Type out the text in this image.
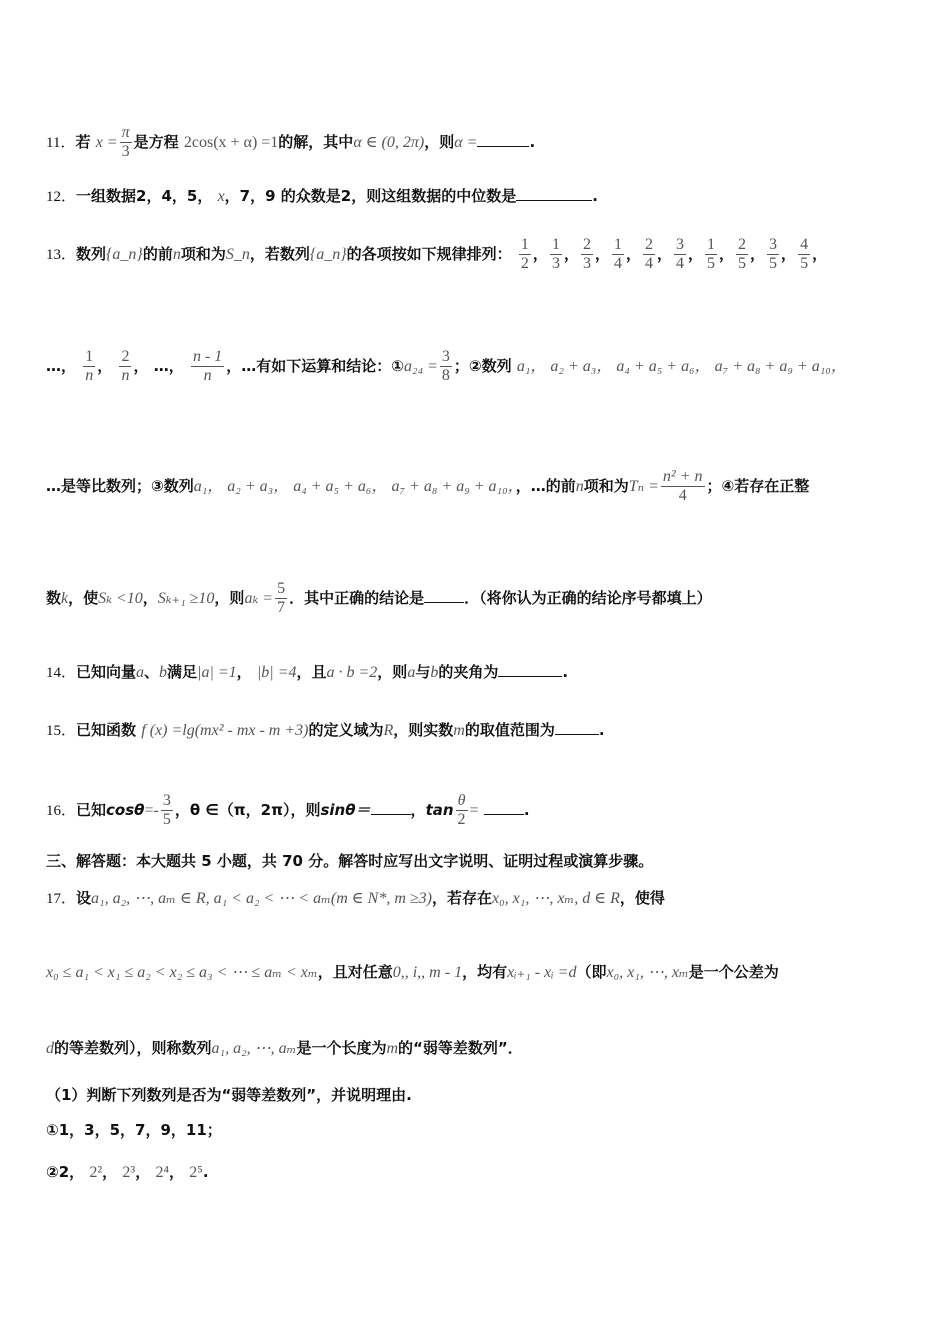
11．若 $x = \frac{\pi}{3}$ 是方程 2cos(x + α) =1的解，其中α ∈ (0, 2π)，则α =	.
12．一组数据2，4，5， x，7，9 的众数是2，则这组数据的中位数是	.
13．数列{a_n}的前n项和为S_n，若数列{a_n}的各项按如下规律排列： $\frac{1}{2}$ ， $\frac{1}{3}$ ， $\frac{2}{3}$ ， $\frac{1}{4}$ ， $\frac{2}{4}$ ， $\frac{3}{4}$ ， $\frac{1}{5}$ ， $\frac{2}{5}$ ， $\frac{3}{5}$ ， $\frac{4}{5}$ ，
…， $\frac{1}{n}$ ， $\frac{2}{n}$ ， …， $\frac{n - 1}{n}$ ，…有如下运算和结论：①a₂₄ = $\frac{3}{8}$ ；②数列 a₁， a₂ + a₃， a₄ + a₅ + a₆， a₇ + a₈ + a₉ + a₁₀，
…是等比数列；③数列a₁， a₂ + a₃， a₄ + a₅ + a₆， a₇ + a₈ + a₉ + a₁₀，，…的前n项和为$T_n = \frac{\text{n² + n}}{4}$ ；④若存在正整
数k，使Sₖ <10，Sₖ₊₁ ≥10，则$a_k = \frac{5}{7}$ ．其中正确的结论是	．（将你认为正确的结论序号都填上）
14．已知向量a、b满足|a| =1， |b| =4，且a · b =2，则a与b的夹角为	.
15．已知函数 f (x) =lg(mx² - mx - m +3)的定义域为R，则实数m的取值范围为	.
16．已知$\cos\theta=- \frac{3}{5}$ ，θ ∈（π，2π），则sinθ＝	，$\tan \frac{\theta}{2}$ =	.
三、解答题：本大题共 5 小题，共 70 分。解答时应写出文字说明、证明过程或演算步骤。
17．设a₁, a₂, ⋯, aₘ ∈ R, a₁ < a₂ < ⋯ < aₘ(m ∈ N*, m ≥3)，若存在x₀, x₁, ⋯, xₘ, d ∈ R，使得
x₀ ≤ a₁ < x₁ ≤ a₂ < x₂ ≤ a₃ < ⋯ ≤ aₘ < xₘ，且对任意0,, i,, m - 1，均有xᵢ₊₁ - xᵢ =d（即x₀, x₁, ⋯, xₘ是一个公差为
d的等差数列），则称数列a₁, a₂, ⋯, aₘ是一个长度为m的“弱等差数列”．
（1）判断下列数列是否为“弱等差数列”，并说明理由.
①1，3，5，7，9，11；
②2， 2²， 2³， 2⁴， 2⁵.
